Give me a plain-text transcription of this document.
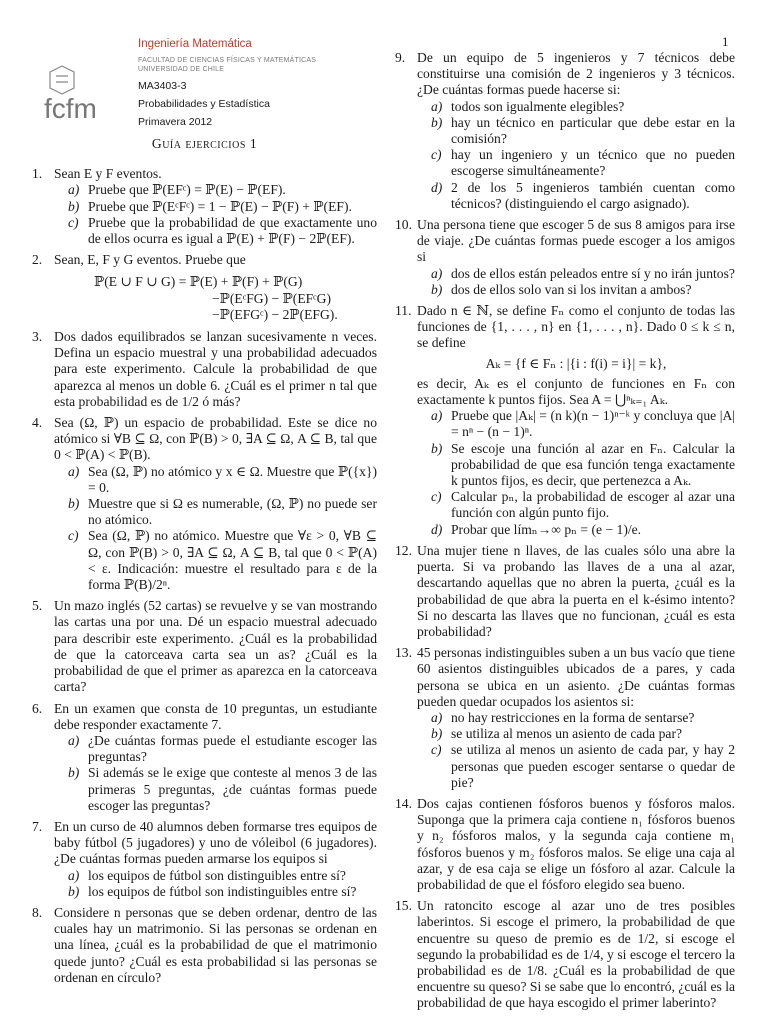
1
fcfm
Ingeniería Matemática
FACULTAD DE CIENCIAS FÍSICAS Y MATEMÁTICAS
UNIVERSIDAD DE CHILE
MA3403-3
Probabilidades y Estadística
Primavera 2012
Guía ejercicios 1
1. Sean E y F eventos.
a) Pruebe que ℙ(EFᶜ) = ℙ(E) − ℙ(EF).
b) Pruebe que ℙ(EᶜFᶜ) = 1 − ℙ(E) − ℙ(F) + ℙ(EF).
c) Pruebe que la probabilidad de que exactamente uno de ellos ocurra es igual a ℙ(E) + ℙ(F) − 2ℙ(EF).
2. Sean, E, F y G eventos. Pruebe que
ℙ(E ∪ F ∪ G) = ℙ(E) + ℙ(F) + ℙ(G)
−ℙ(EᶜFG) − ℙ(EFᶜG)
−ℙ(EFGᶜ) − 2ℙ(EFG).
3. Dos dados equilibrados se lanzan sucesivamente n veces. Defina un espacio muestral y una probabilidad adecuados para este experimento. Calcule la probabilidad de que aparezca al menos un doble 6. ¿Cuál es el primer n tal que esta probabilidad es de 1/2 ó más?
4. Sea (Ω, ℙ) un espacio de probabilidad. Este se dice no atómico si ∀B ⊆ Ω, con ℙ(B) > 0, ∃A ⊆ Ω, A ⊆ B, tal que 0 < ℙ(A) < ℙ(B).
a) Sea (Ω, ℙ) no atómico y x ∈ Ω. Muestre que ℙ({x}) = 0.
b) Muestre que si Ω es numerable, (Ω, ℙ) no puede ser no atómico.
c) Sea (Ω, ℙ) no atómico. Muestre que ∀ε > 0, ∀B ⊆ Ω, con ℙ(B) > 0, ∃A ⊆ Ω, A ⊆ B, tal que 0 < ℙ(A) < ε. Indicación: muestre el resultado para ε de la forma ℙ(B)/2ⁿ.
5. Un mazo inglés (52 cartas) se revuelve y se van mostrando las cartas una por una. Dé un espacio muestral adecuado para describir este experimento. ¿Cuál es la probabilidad de que la catorceava carta sea un as? ¿Cuál es la probabilidad de que el primer as aparezca en la catorceava carta?
6. En un examen que consta de 10 preguntas, un estudiante debe responder exactamente 7.
a) ¿De cuántas formas puede el estudiante escoger las preguntas?
b) Si además se le exige que conteste al menos 3 de las primeras 5 preguntas, ¿de cuántas formas puede escoger las preguntas?
7. En un curso de 40 alumnos deben formarse tres equipos de baby fútbol (5 jugadores) y uno de vóleibol (6 jugadores). ¿De cuántas formas pueden armarse los equipos si
a) los equipos de fútbol son distinguibles entre sí?
b) los equipos de fútbol son indistinguibles entre sí?
8. Considere n personas que se deben ordenar, dentro de las cuales hay un matrimonio. Si las personas se ordenan en una línea, ¿cuál es la probabilidad de que el matrimonio quede junto? ¿Cuál es esta probabilidad si las personas se ordenan en círculo?
9. De un equipo de 5 ingenieros y 7 técnicos debe constituirse una comisión de 2 ingenieros y 3 técnicos. ¿De cuántas formas puede hacerse si:
a) todos son igualmente elegibles?
b) hay un técnico en particular que debe estar en la comisión?
c) hay un ingeniero y un técnico que no pueden escogerse simultáneamente?
d) 2 de los 5 ingenieros también cuentan como técnicos? (distinguiendo el cargo asignado).
10. Una persona tiene que escoger 5 de sus 8 amigos para irse de viaje. ¿De cuántas formas puede escoger a los amigos si
a) dos de ellos están peleados entre sí y no irán juntos?
b) dos de ellos solo van si los invitan a ambos?
11. Dado n ∈ ℕ, se define Fₙ como el conjunto de todas las funciones de {1, . . . , n} en {1, . . . , n}. Dado 0 ≤ k ≤ n, se define
Aₖ = {f ∈ Fₙ : |{i : f(i) = i}| = k},
es decir, Aₖ es el conjunto de funciones en Fₙ con exactamente k puntos fijos. Sea A = ⋃ⁿₖ₌₁ Aₖ.
a) Pruebe que |Aₖ| = (n k)(n − 1)ⁿ⁻ᵏ y concluya que |A| = nⁿ − (n − 1)ⁿ.
b) Se escoje una función al azar en Fₙ. Calcular la probabilidad de que esa función tenga exactamente k puntos fijos, es decir, que pertenezca a Aₖ.
c) Calcular pₙ, la probabilidad de escoger al azar una función con algún punto fijo.
d) Probar que límₙ→∞ pₙ = (e − 1)/e.
12. Una mujer tiene n llaves, de las cuales sólo una abre la puerta. Si va probando las llaves de a una al azar, descartando aquellas que no abren la puerta, ¿cuál es la probabilidad de que abra la puerta en el k-ésimo intento? Si no descarta las llaves que no funcionan, ¿cuál es esta probabilidad?
13. 45 personas indistinguibles suben a un bus vacío que tiene 60 asientos distinguibles ubicados de a pares, y cada persona se ubica en un asiento. ¿De cuántas formas pueden quedar ocupados los asientos si:
a) no hay restricciones en la forma de sentarse?
b) se utiliza al menos un asiento de cada par?
c) se utiliza al menos un asiento de cada par, y hay 2 personas que pueden escoger sentarse o quedar de pie?
14. Dos cajas contienen fósforos buenos y fósforos malos. Suponga que la primera caja contiene n₁ fósforos buenos y n₂ fósforos malos, y la segunda caja contiene m₁ fósforos buenos y m₂ fósforos malos. Se elige una caja al azar, y de esa caja se elige un fósforo al azar. Calcule la probabilidad de que el fósforo elegido sea bueno.
15. Un ratoncito escoge al azar uno de tres posibles laberintos. Si escoge el primero, la probabilidad de que encuentre su queso de premio es de 1/2, si escoge el segundo la probabilidad es de 1/4, y si escoge el tercero la probabilidad es de 1/8. ¿Cuál es la probabilidad de que encuentre su queso? Si se sabe que lo encontró, ¿cuál es la probabilidad de que haya escogido el primer laberinto?
